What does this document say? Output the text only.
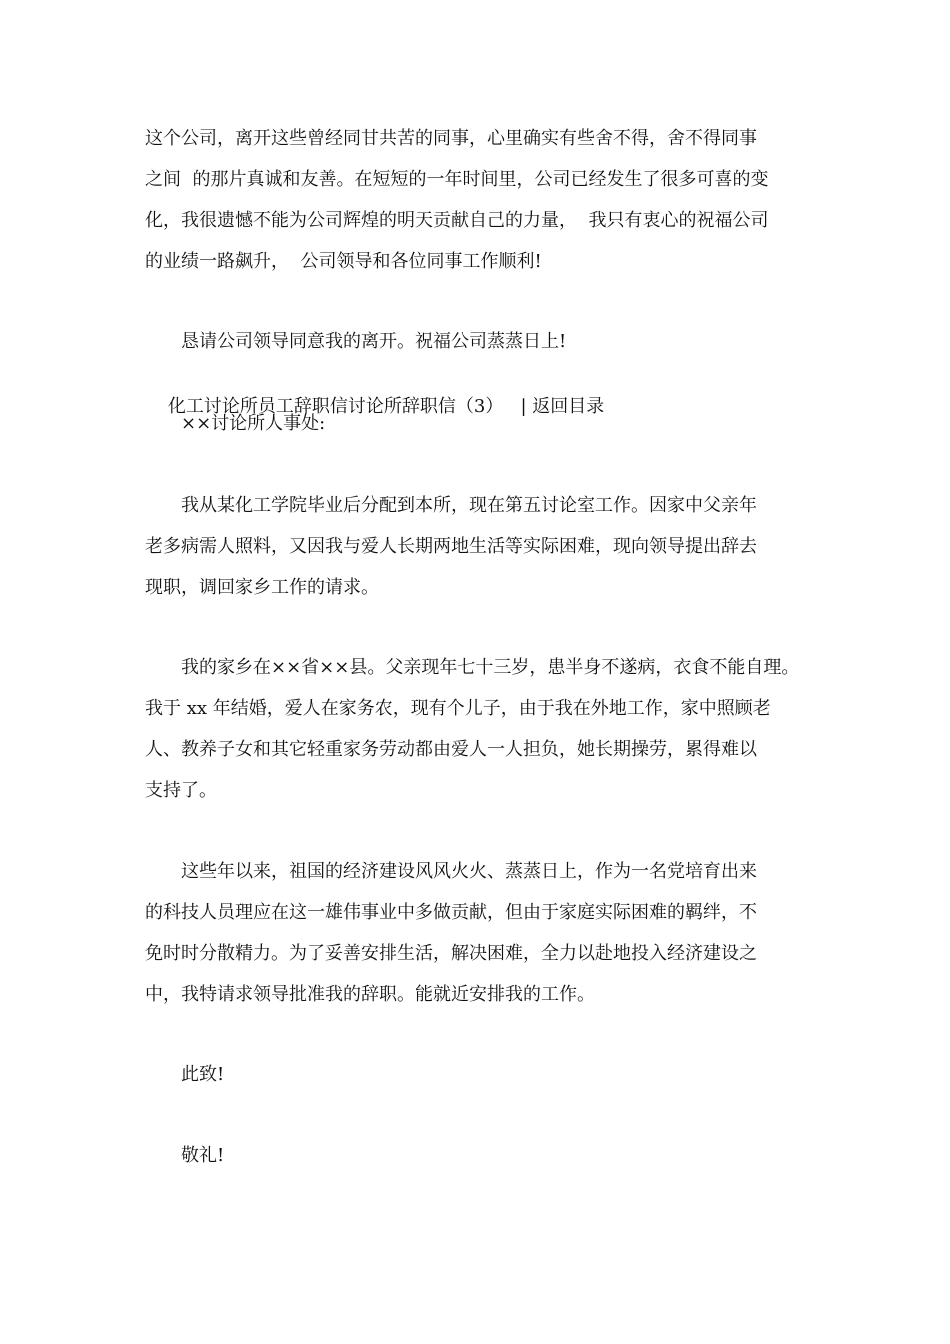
这个公司，离开这些曾经同甘共苦的同事，心里确实有些舍不得，舍不得同事
之间  的那片真诚和友善。在短短的一年时间里，公司已经发生了很多可喜的变
化，我很遗憾不能为公司辉煌的明天贡献自己的力量，  我只有衷心的祝福公司
的业绩一路飙升，  公司领导和各位同事工作顺利!
恳请公司领导同意我的离开。祝福公司蒸蒸日上!

化工讨论所员工辞职信讨论所辞职信（3） | 返回目录

××讨论所人事处:
我从某化工学院毕业后分配到本所，现在第五讨论室工作。因家中父亲年
老多病需人照料，又因我与爱人长期两地生活等实际困难，现向领导提出辞去
现职，调回家乡工作的请求。
我的家乡在××省××县。父亲现年七十三岁，患半身不遂病，衣食不能自理。
我于 xx 年结婚，爱人在家务农，现有个儿子，由于我在外地工作，家中照顾老
人、教养子女和其它轻重家务劳动都由爱人一人担负，她长期操劳，累得难以
支持了。
这些年以来，祖国的经济建设风风火火、蒸蒸日上，作为一名党培育出来
的科技人员理应在这一雄伟事业中多做贡献，但由于家庭实际困难的羁绊，不
免时时分散精力。为了妥善安排生活，解决困难，全力以赴地投入经济建设之
中，我特请求领导批准我的辞职。能就近安排我的工作。
此致!
敬礼!
